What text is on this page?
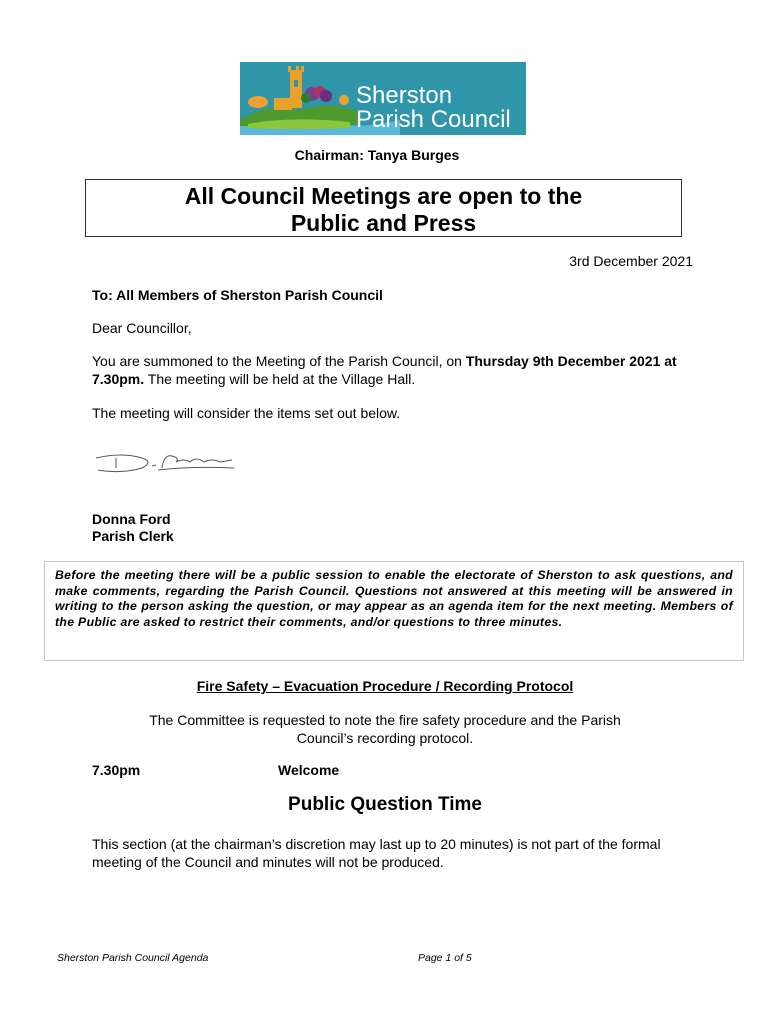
Sherston
Parish Council
Chairman: Tanya Burges
All Council Meetings are open to the
Public and Press
3rd December 2021
To: All Members of Sherston Parish Council
Dear Councillor,
You are summoned to the Meeting of the Parish Council, on Thursday 9th December 2021 at 7.30pm. The meeting will be held at the Village Hall.
The meeting will consider the items set out below.
Donna Ford
Parish Clerk
Before the meeting there will be a public session to enable the electorate of Sherston to ask questions, and make comments, regarding the Parish Council. Questions not answered at this meeting will be answered in writing to the person asking the question, or may appear as an agenda item for the next meeting. Members of the Public are asked to restrict their comments, and/or questions to three minutes.
Fire Safety – Evacuation Procedure / Recording Protocol
The Committee is requested to note the fire safety procedure and the Parish Council’s recording protocol.
7.30pm	Welcome
Public Question Time
This section (at the chairman’s discretion may last up to 20 minutes) is not part of the formal meeting of the Council and minutes will not be produced.
Sherston Parish Council Agenda	Page 1 of 5
